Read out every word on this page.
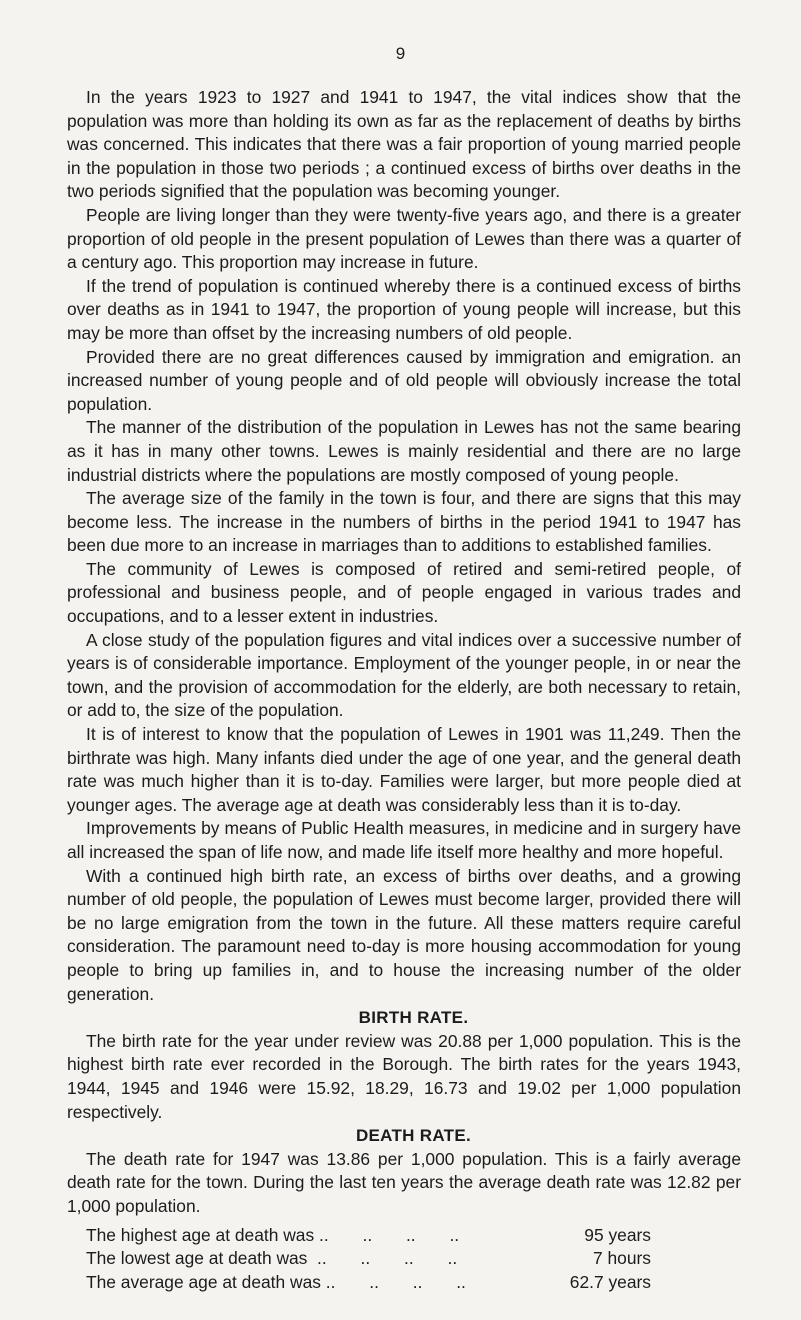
9

In the years 1923 to 1927 and 1941 to 1947, the vital indices show that the population was more than holding its own as far as the replacement of deaths by births was concerned. This indicates that there was a fair proportion of young married people in the population in those two periods ; a continued excess of births over deaths in the two periods signified that the population was becoming younger.

People are living longer than they were twenty-five years ago, and there is a greater proportion of old people in the present population of Lewes than there was a quarter of a century ago. This proportion may increase in future.

If the trend of population is continued whereby there is a continued excess of births over deaths as in 1941 to 1947, the proportion of young people will increase, but this may be more than offset by the increasing numbers of old people.

Provided there are no great differences caused by immigration and emigration. an increased number of young people and of old people will obviously increase the total population.

The manner of the distribution of the population in Lewes has not the same bearing as it has in many other towns. Lewes is mainly residential and there are no large industrial districts where the populations are mostly composed of young people.

The average size of the family in the town is four, and there are signs that this may become less. The increase in the numbers of births in the period 1941 to 1947 has been due more to an increase in marriages than to additions to established families.

The community of Lewes is composed of retired and semi-retired people, of professional and business people, and of people engaged in various trades and occupations, and to a lesser extent in industries.

A close study of the population figures and vital indices over a successive number of years is of considerable importance. Employment of the younger people, in or near the town, and the provision of accommodation for the elderly, are both necessary to retain, or add to, the size of the population.

It is of interest to know that the population of Lewes in 1901 was 11,249. Then the birthrate was high. Many infants died under the age of one year, and the general death rate was much higher than it is to-day. Families were larger, but more people died at younger ages. The average age at death was considerably less than it is to-day.

Improvements by means of Public Health measures, in medicine and in surgery have all increased the span of life now, and made life itself more healthy and more hopeful.

With a continued high birth rate, an excess of births over deaths, and a growing number of old people, the population of Lewes must become larger, provided there will be no large emigration from the town in the future. All these matters require careful consideration. The paramount need to-day is more housing accommodation for young people to bring up families in, and to house the increasing number of the older generation.

BIRTH RATE.

The birth rate for the year under review was 20.88 per 1,000 population. This is the highest birth rate ever recorded in the Borough. The birth rates for the years 1943, 1944, 1945 and 1946 were 15.92, 18.29, 16.73 and 19.02 per 1,000 population respectively.

DEATH RATE.

The death rate for 1947 was 13.86 per 1,000 population. This is a fairly average death rate for the town. During the last ten years the average death rate was 12.82 per 1,000 population.

The highest age at death was ..       ..       ..       ..	95 years
The lowest age at death was  ..       ..       ..       ..	7 hours
The average age at death was ..       ..       ..       ..	62.7 years
